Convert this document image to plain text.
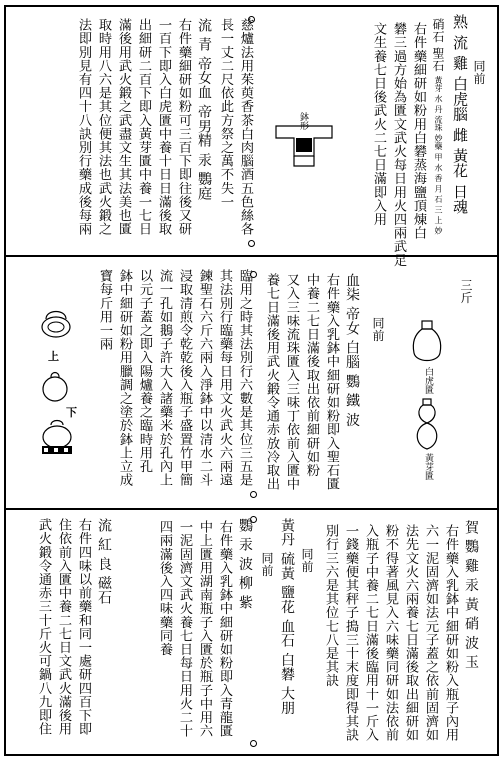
熟 流 雞 白虎腦 雌 黃花 日魂 同前
硝石 聖石 黃芽 水 丹 流珠 妙藥 甲 水 香 月 石 三 上 妙
右件藥細研如粉用白礬蒸海鹽頂煉白
礬三過方始為匱文武火每日用火四兩武足
文生養七日後武火二七日滿即入用
慈爐法用茱萸香茶白肉腦酒五色絲各
長一丈二尺依此方祭之萬不失一
流 青 帝女血 帝男精 汞 鸚庭
右件藥細研如粉可三百下即往後又研
一百下即入白虎匱中養十日日滿後取
出細研二百下即入黃芽匱中養一七日
滿後用武火鍛之武盡文生其法美也匱
取時用八六是其位便其法也武火鍛之
法即別見有四十八訣別行藥成後每兩	鉢形
三斤
血柒 帝女 白腦 鸚 鐵 波 同前
右件藥入乳鉢中細研如粉即入聖石匱
中養二七日滿後取出依前細研如粉
又入三味流珠匱入三味丁依前入匱中
養七日滿後用武火鍛令通赤放冷取出
臨用之時其法別行六數是其位三五是
其法別行臨藥每日用文火武火六兩遠
鍊聖石六斤六兩入淨鉢中以清水二斗
浸取清煎令乾乾後入瓶子盛置竹甲簡
流一孔如鵝子許大入諸藥米於孔內上
以元子蓋之即入陽爐養之臨時用孔
鉢中細研如粉用臘調之塗於鉢上立成
寶每斤用一兩
白虎匱
黃芽匱
上
下
賀 鸚 雞 汞 黃 硝 波 玉
右件藥入乳鉢中細研如粉入瓶子內用
六一泥固濟如法元子蓋之依前固濟如
法先文火六兩養七日滿後取出細研如
粉不得著風見入六味藥同研如法依前
同前	入瓶子中養二七日滿後臨用十一斤入
一錢藥便其秤子搗三十末度即得其訣
別行三六是其位七八是其訣
黃丹 硫黃 鹽花 血石 白礬 大朋
同前
鸚 汞 波 柳 紫
右件藥入乳鉢中細研如粉即入青龍匱
中上匱用湖南瓶子入匱於瓶子中用六
一泥固濟文武火養七日每日用火二十
四兩滿後入四味藥同養
流 紅 良 磁石
右件四味以前藥和同一處研四百下即
住依前入匱中養二七日文武火滿後用
武火鍛令通赤三十斤火可鍋八九即住
